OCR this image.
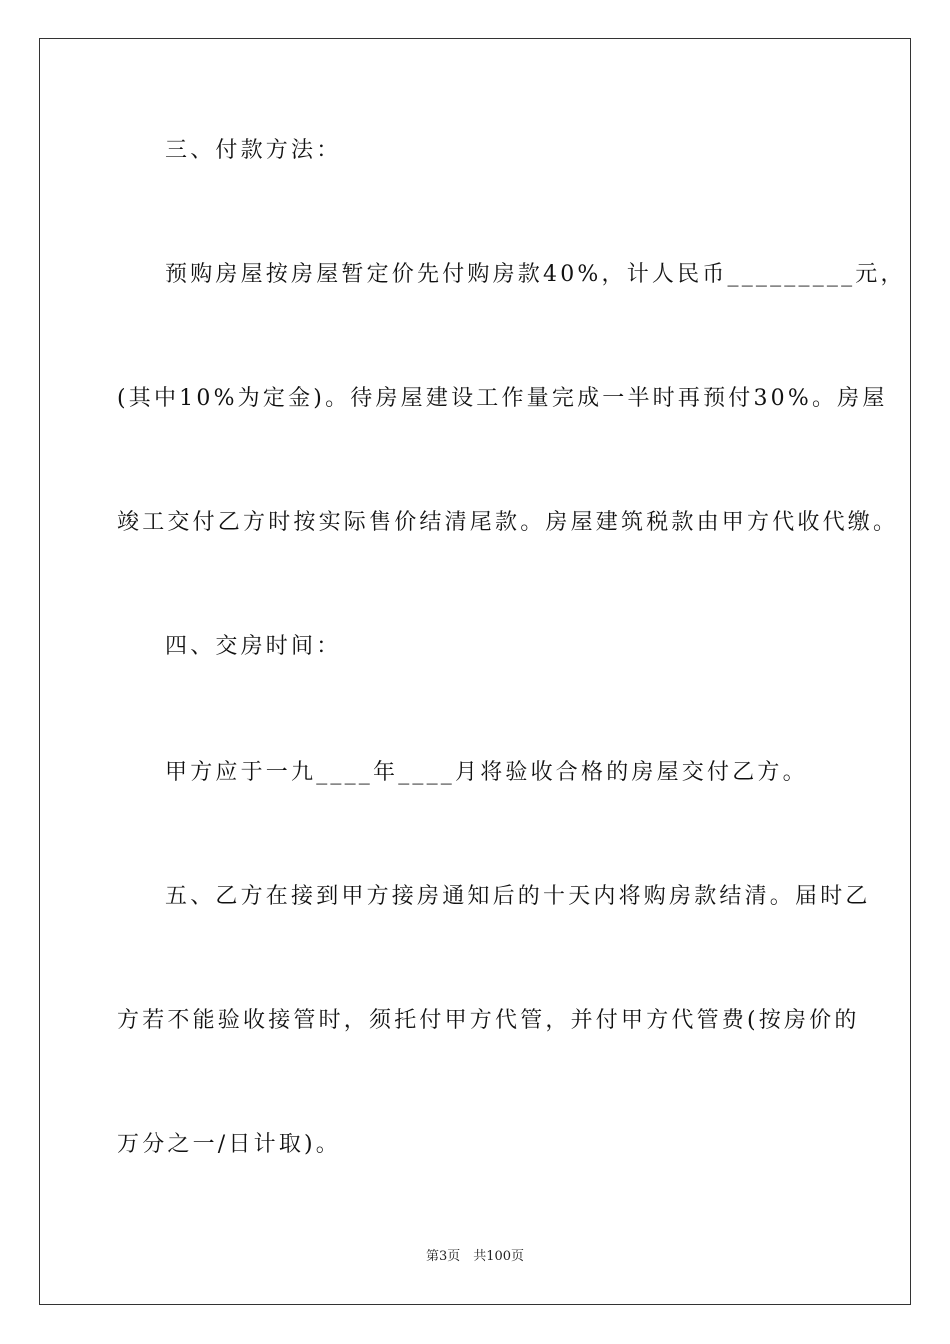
三、付款方法：
预购房屋按房屋暂定价先付购房款40%，计人民币_________元，
(其中10%为定金)。待房屋建设工作量完成一半时再预付30%。房屋
竣工交付乙方时按实际售价结清尾款。房屋建筑税款由甲方代收代缴。
四、交房时间：
甲方应于一九____年____月将验收合格的房屋交付乙方。
五、乙方在接到甲方接房通知后的十天内将购房款结清。届时乙
方若不能验收接管时，须托付甲方代管，并付甲方代管费(按房价的
万分之一/日计取)。
第3页　共100页
